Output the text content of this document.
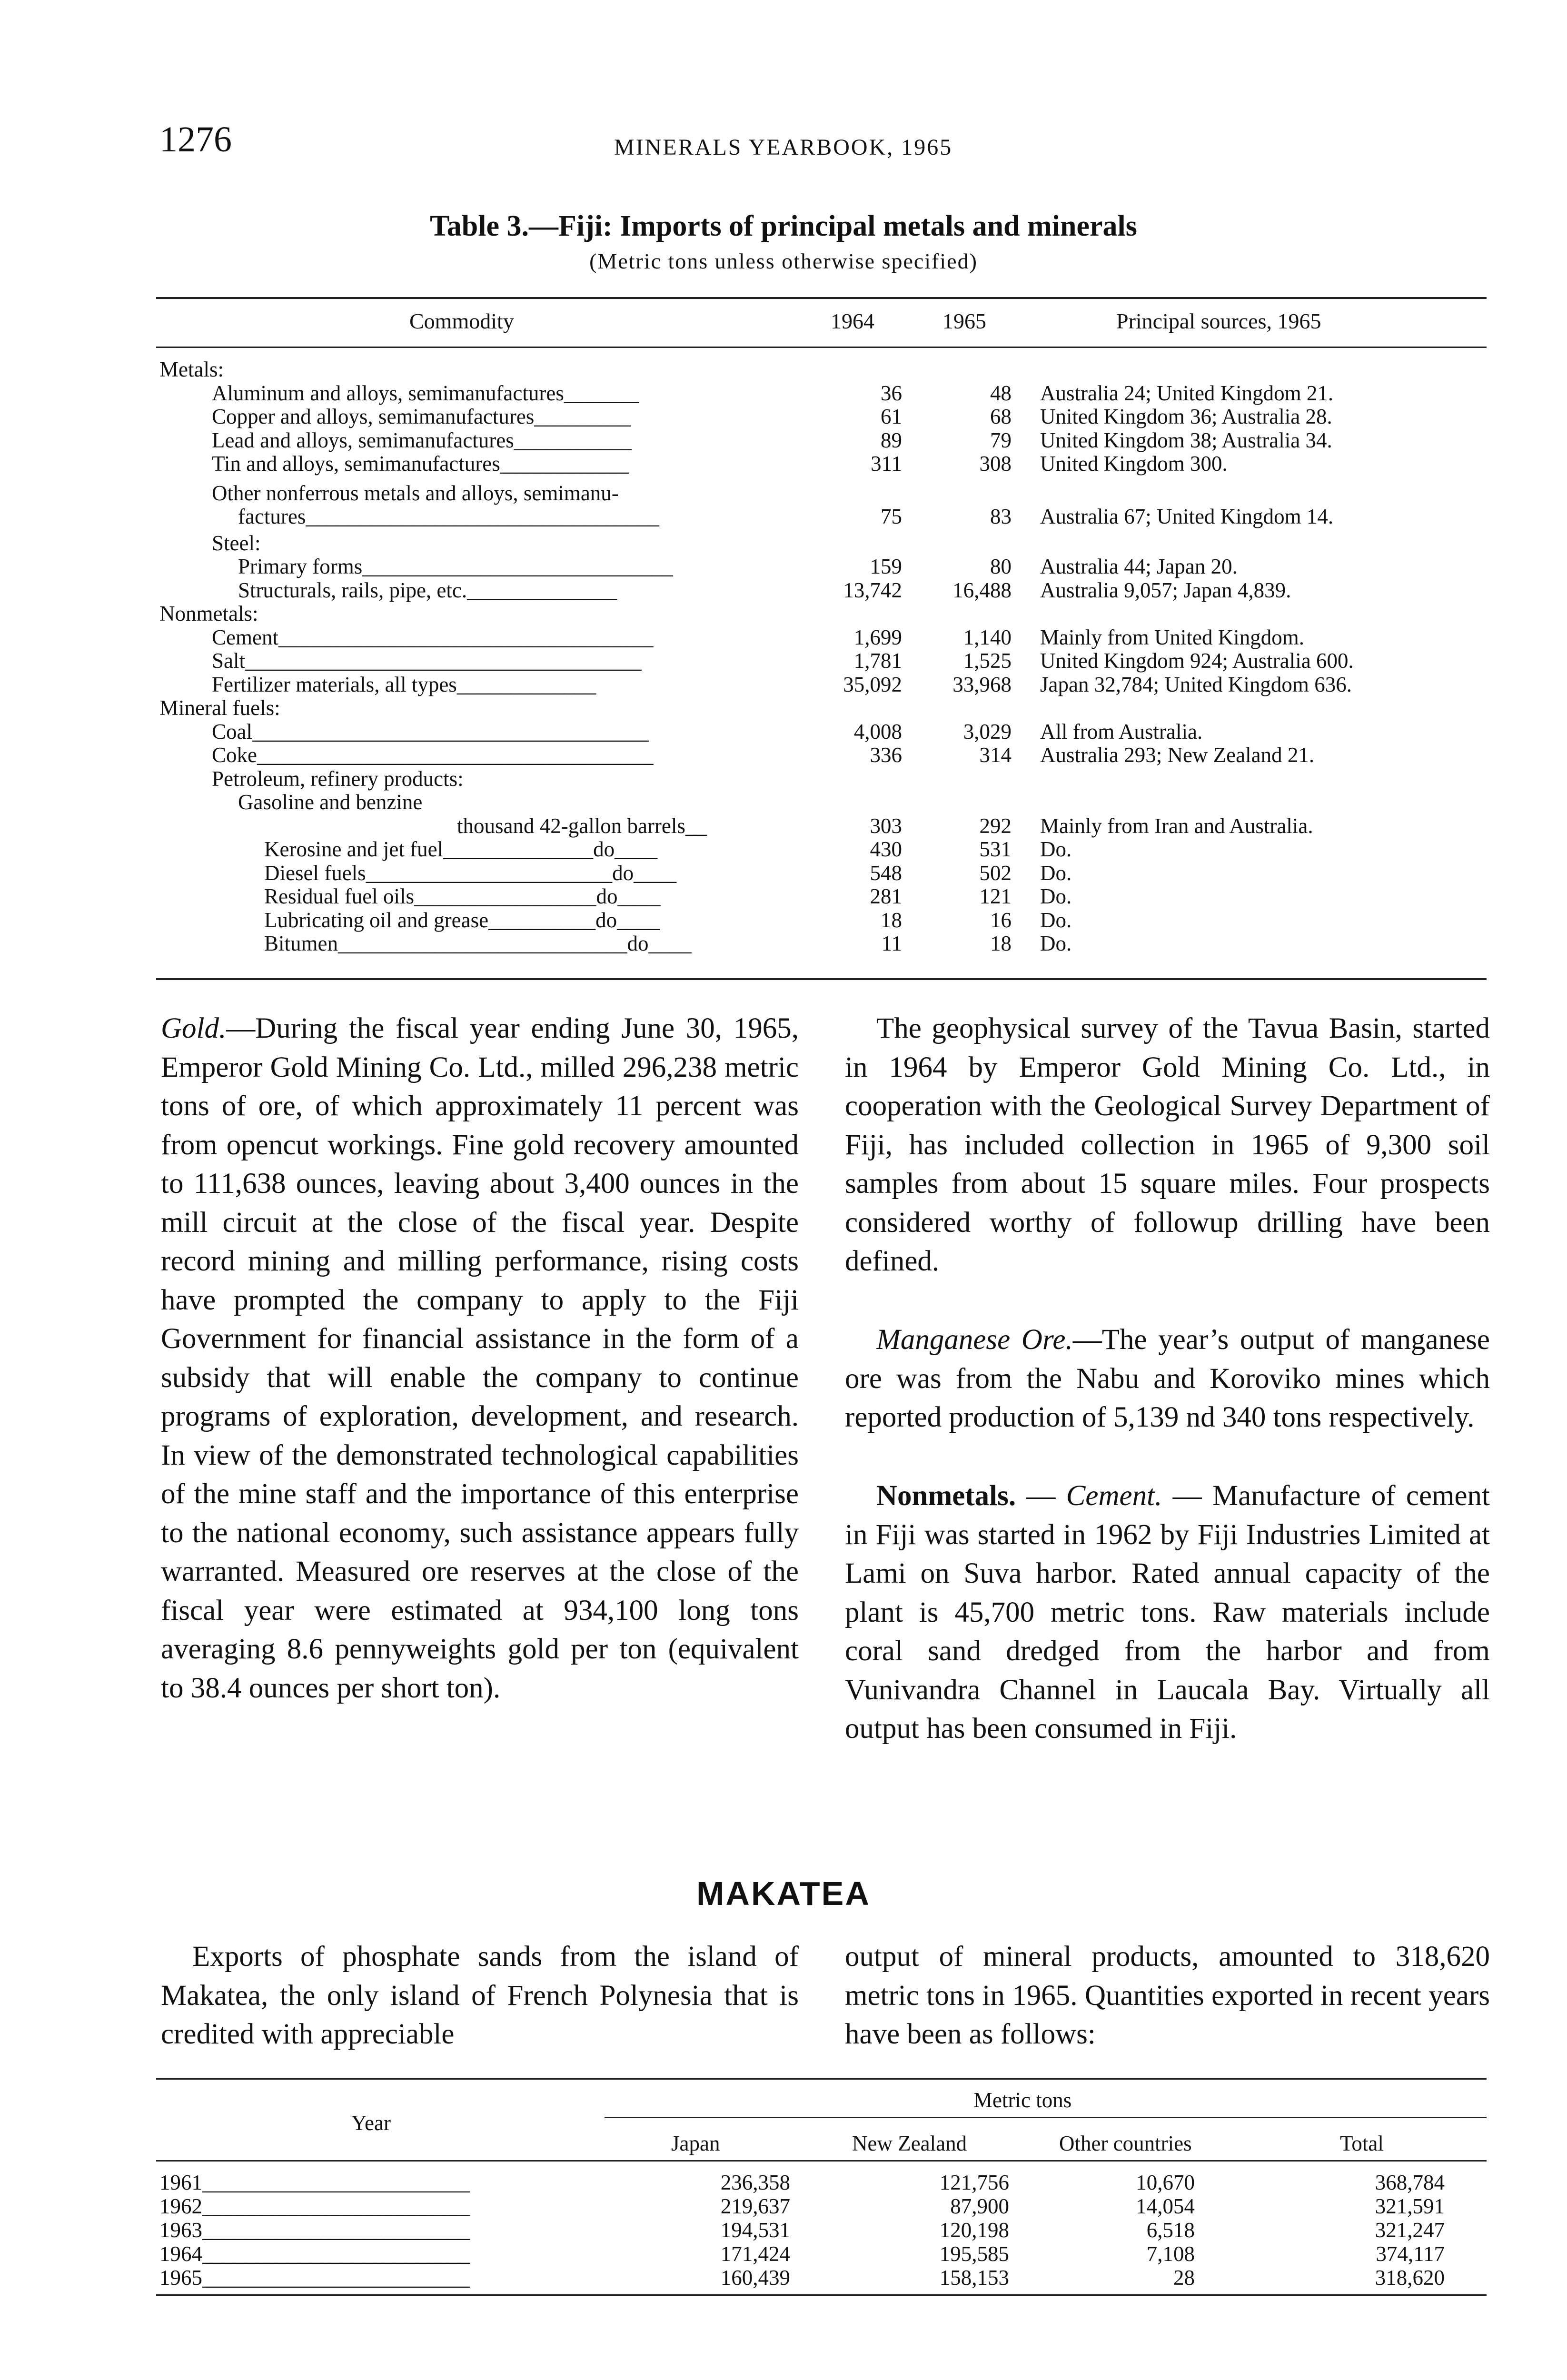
1276	MINERALS YEARBOOK, 1965
Table 3.—Fiji: Imports of principal metals and minerals
(Metric tons unless otherwise specified)
Commodity	1964	1965	Principal sources, 1965
Metals:
Aluminum and alloys, semimanufactures_______	36	48 Australia 24; United Kingdom 21.
Copper and alloys, semimanufactures_________	61	68 United Kingdom 36; Australia 28.
Lead and alloys, semimanufactures___________	89	79 United Kingdom 38; Australia 34.
Tin and alloys, semimanufactures____________	311	308 United Kingdom 300.
Other nonferrous metals and alloys, semimanu-
factures_________________________________	75	83 Australia 67; United Kingdom 14.
Steel:
Primary forms_____________________________	159	80 Australia 44; Japan 20.
Structurals, rails, pipe, etc.______________	13,742	16,488 Australia 9,057; Japan 4,839.
Nonmetals:
Cement___________________________________	1,699	1,140 Mainly from United Kingdom.
Salt_____________________________________	1,781	1,525 United Kingdom 924; Australia 600.
Fertilizer materials, all types_____________	35,092	33,968 Japan 32,784; United Kingdom 636.
Mineral fuels:
Coal_____________________________________	4,008	3,029 All from Australia.
Coke_____________________________________	336	314 Australia 293; New Zealand 21.
Petroleum, refinery products:
Gasoline and benzine
thousand 42-gallon barrels__	303	292 Mainly from Iran and Australia.
Kerosine and jet fuel______________do____	430	531 Do.
Diesel fuels_______________________do____	548	502 Do.
Residual fuel oils_________________do____	281	121 Do.
Lubricating oil and grease__________do____	18	16 Do.
Bitumen___________________________do____	11	18 Do.
Gold.—During the fiscal year ending June 30, 1965, Emperor Gold Mining Co. Ltd., milled 296,238 metric tons of ore, of which approximately 11 percent was from opencut workings. Fine gold recovery amounted to 111,638 ounces, leaving about 3,400 ounces in the mill circuit at the close of the fiscal year. Despite record mining and milling performance, rising costs have prompted the company to apply to the Fiji Government for financial assistance in the form of a subsidy that will enable the company to continue programs of exploration, development, and research. In view of the demonstrated technological capabilities of the mine staff and the importance of this enterprise to the national economy, such assistance appears fully warranted. Measured ore reserves at the close of the fiscal year were estimated at 934,100 long tons averaging 8.6 pennyweights gold per ton (equivalent to 38.4 ounces per short ton).
The geophysical survey of the Tavua Basin, started in 1964 by Emperor Gold Mining Co. Ltd., in cooperation with the Geological Survey Department of Fiji, has included collection in 1965 of 9,300 soil samples from about 15 square miles. Four prospects considered worthy of followup drilling have been defined.
Manganese Ore.—The year’s output of manganese ore was from the Nabu and Koroviko mines which reported production of 5,139 nd 340 tons respectively.
Nonmetals. — Cement. — Manufacture of cement in Fiji was started in 1962 by Fiji Industries Limited at Lami on Suva harbor. Rated annual capacity of the plant is 45,700 metric tons. Raw materials include coral sand dredged from the harbor and from Vunivandra Channel in Laucala Bay. Virtually all output has been consumed in Fiji.
MAKATEA
Exports of phosphate sands from the island of Makatea, the only island of French Polynesia that is credited with appreciable
output of mineral products, amounted to 318,620 metric tons in 1965. Quantities exported in recent years have been as follows:
Year
Metric tons
Japan	New Zealand	Other countries	Total
1961_________________________	236,358	121,756	10,670	368,784
1962_________________________	219,637	87,900	14,054	321,591
1963_________________________	194,531	120,198	6,518	321,247
1964_________________________	171,424	195,585	7,108	374,117
1965_________________________	160,439	158,153	28	318,620
